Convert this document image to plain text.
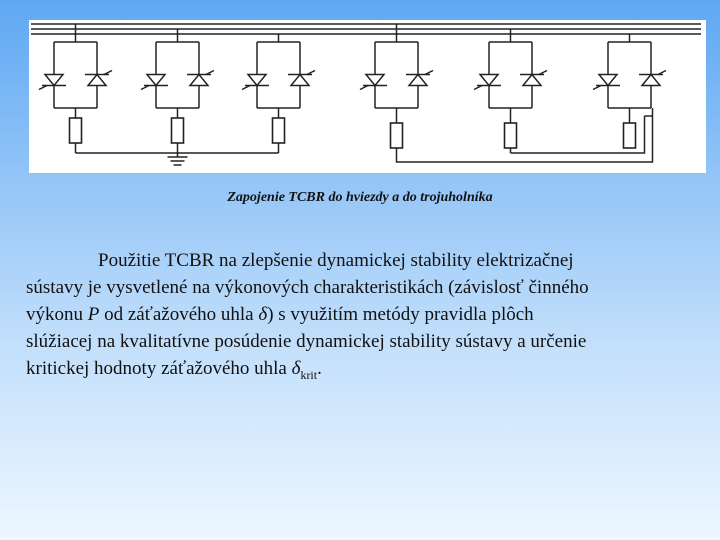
Zapojenie TCBR do hviezdy a do trojuholníka
Použitie TCBR na zlepšenie dynamickej stability elektrizačnej
sústavy je vysvetlené na výkonových charakteristikách (závislosť činného
výkonu P od záťažového uhla δ) s využitím metódy pravidla plôch
slúžiacej na kvalitatívne posúdenie dynamickej stability sústavy a určenie
kritickej hodnoty záťažového uhla $\delta_{krit}$.
